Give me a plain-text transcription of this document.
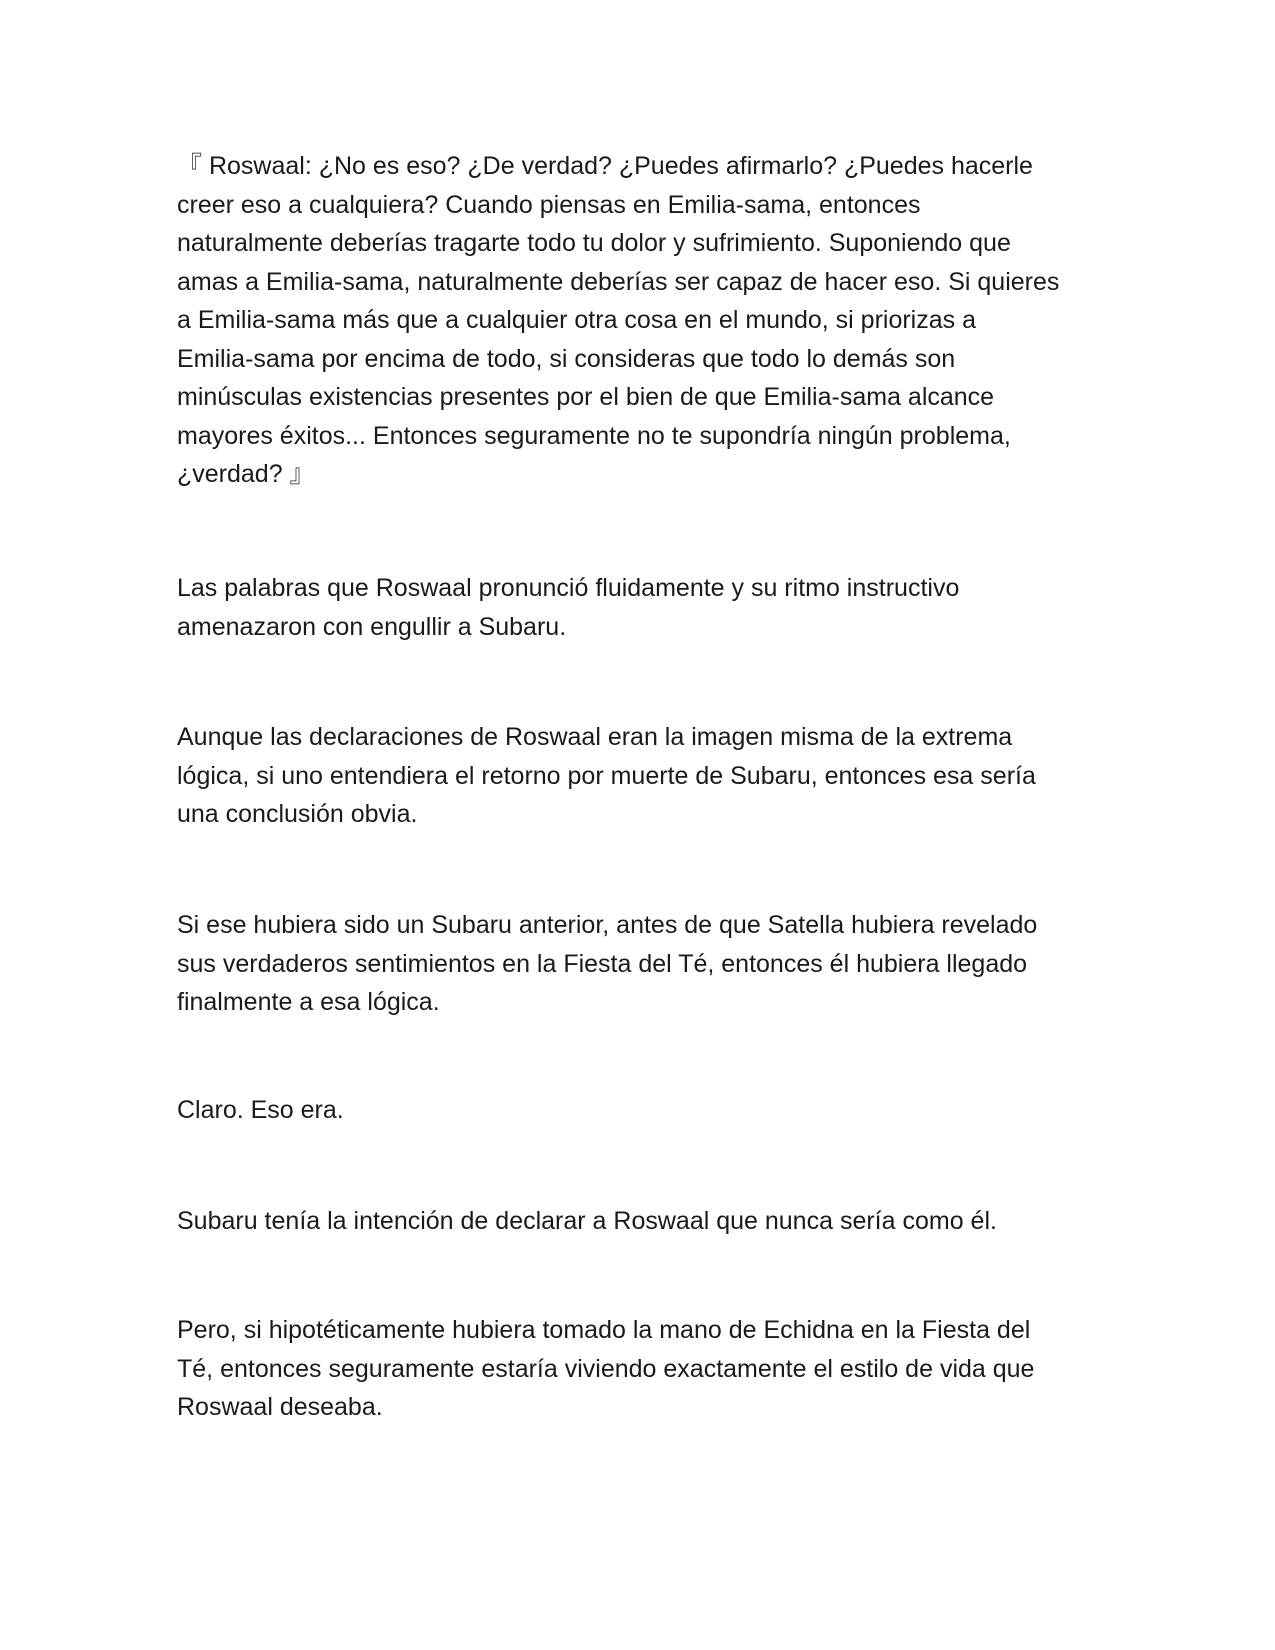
『 Roswaal: ¿No es eso? ¿De verdad? ¿Puedes afirmarlo? ¿Puedes hacerle
creer eso a cualquiera? Cuando piensas en Emilia-sama, entonces
naturalmente deberías tragarte todo tu dolor y sufrimiento. Suponiendo que
amas a Emilia-sama, naturalmente deberías ser capaz de hacer eso. Si quieres
a Emilia-sama más que a cualquier otra cosa en el mundo, si priorizas a
Emilia-sama por encima de todo, si consideras que todo lo demás son
minúsculas existencias presentes por el bien de que Emilia-sama alcance
mayores éxitos... Entonces seguramente no te supondría ningún problema,
¿verdad? 』

Las palabras que Roswaal pronunció fluidamente y su ritmo instructivo
amenazaron con engullir a Subaru.

Aunque las declaraciones de Roswaal eran la imagen misma de la extrema
lógica, si uno entendiera el retorno por muerte de Subaru, entonces esa sería
una conclusión obvia.

Si ese hubiera sido un Subaru anterior, antes de que Satella hubiera revelado
sus verdaderos sentimientos en la Fiesta del Té, entonces él hubiera llegado
finalmente a esa lógica.

Claro. Eso era.

Subaru tenía la intención de declarar a Roswaal que nunca sería como él.

Pero, si hipotéticamente hubiera tomado la mano de Echidna en la Fiesta del
Té, entonces seguramente estaría viviendo exactamente el estilo de vida que
Roswaal deseaba.
